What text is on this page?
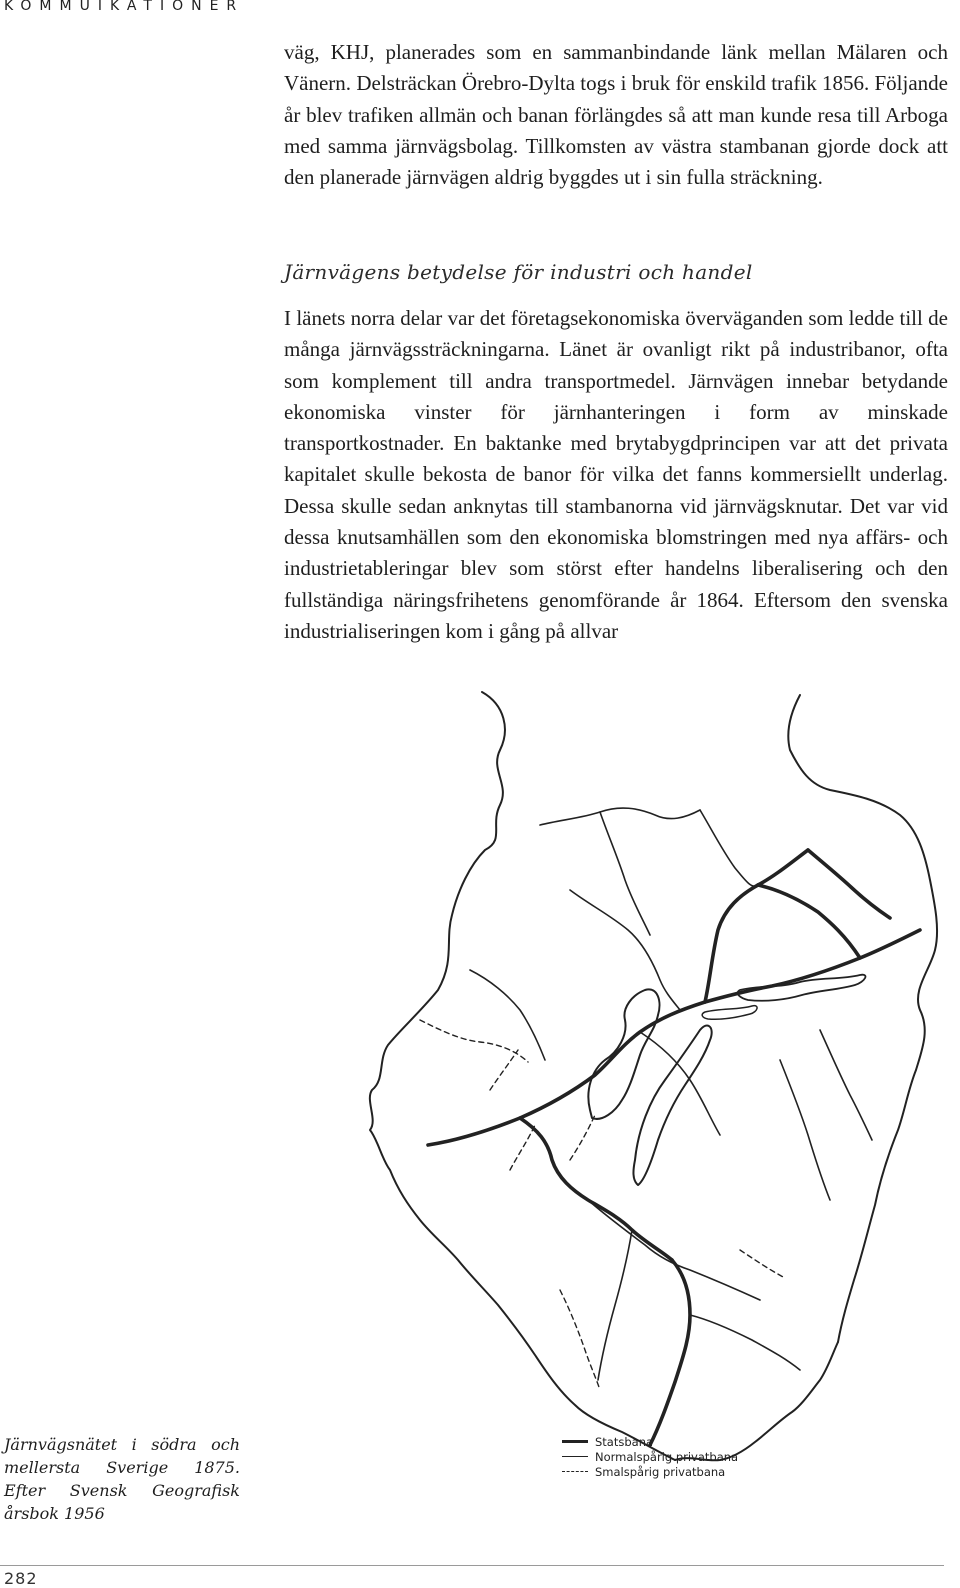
KOMMUIKATIONER

väg, KHJ, planerades som en sammanbindande länk mellan Mälaren och Vänern. Delsträckan Örebro-Dylta togs i bruk för enskild trafik 1856. Följande år blev trafiken allmän och banan förlängdes så att man kunde resa till Arboga med samma järnvägsbolag. Tillkomsten av västra stambanan gjorde dock att den planerade järnvägen aldrig byggdes ut i sin fulla sträckning.

Järnvägens betydelse för industri och handel

I länets norra delar var det företagsekonomiska överväganden som ledde till de många järnvägssträckningarna. Länet är ovanligt rikt på industribanor, ofta som komplement till andra transportmedel. Järnvägen innebar betydande ekonomiska vinster för järnhanteringen i form av minskade transportkostnader. En baktanke med brytabygdprincipen var att det privata kapitalet skulle bekosta de banor för vilka det fanns kommersiellt underlag. Dessa skulle sedan anknytas till stambanorna vid järnvägsknutar. Det var vid dessa knutsamhällen som den ekonomiska blomstringen med nya affärs- och industrietableringar blev som störst efter handelns liberalisering och den fullständiga näringsfrihetens genomförande år 1864. Eftersom den svenska industrialiseringen kom i gång på allvar

Statsbana
Normalspårig privatbana
Smalspårig privatbana
Järnvägsnätet i södra och mellersta Sverige 1875. Efter Svensk Geografisk årsbok 1956
282
